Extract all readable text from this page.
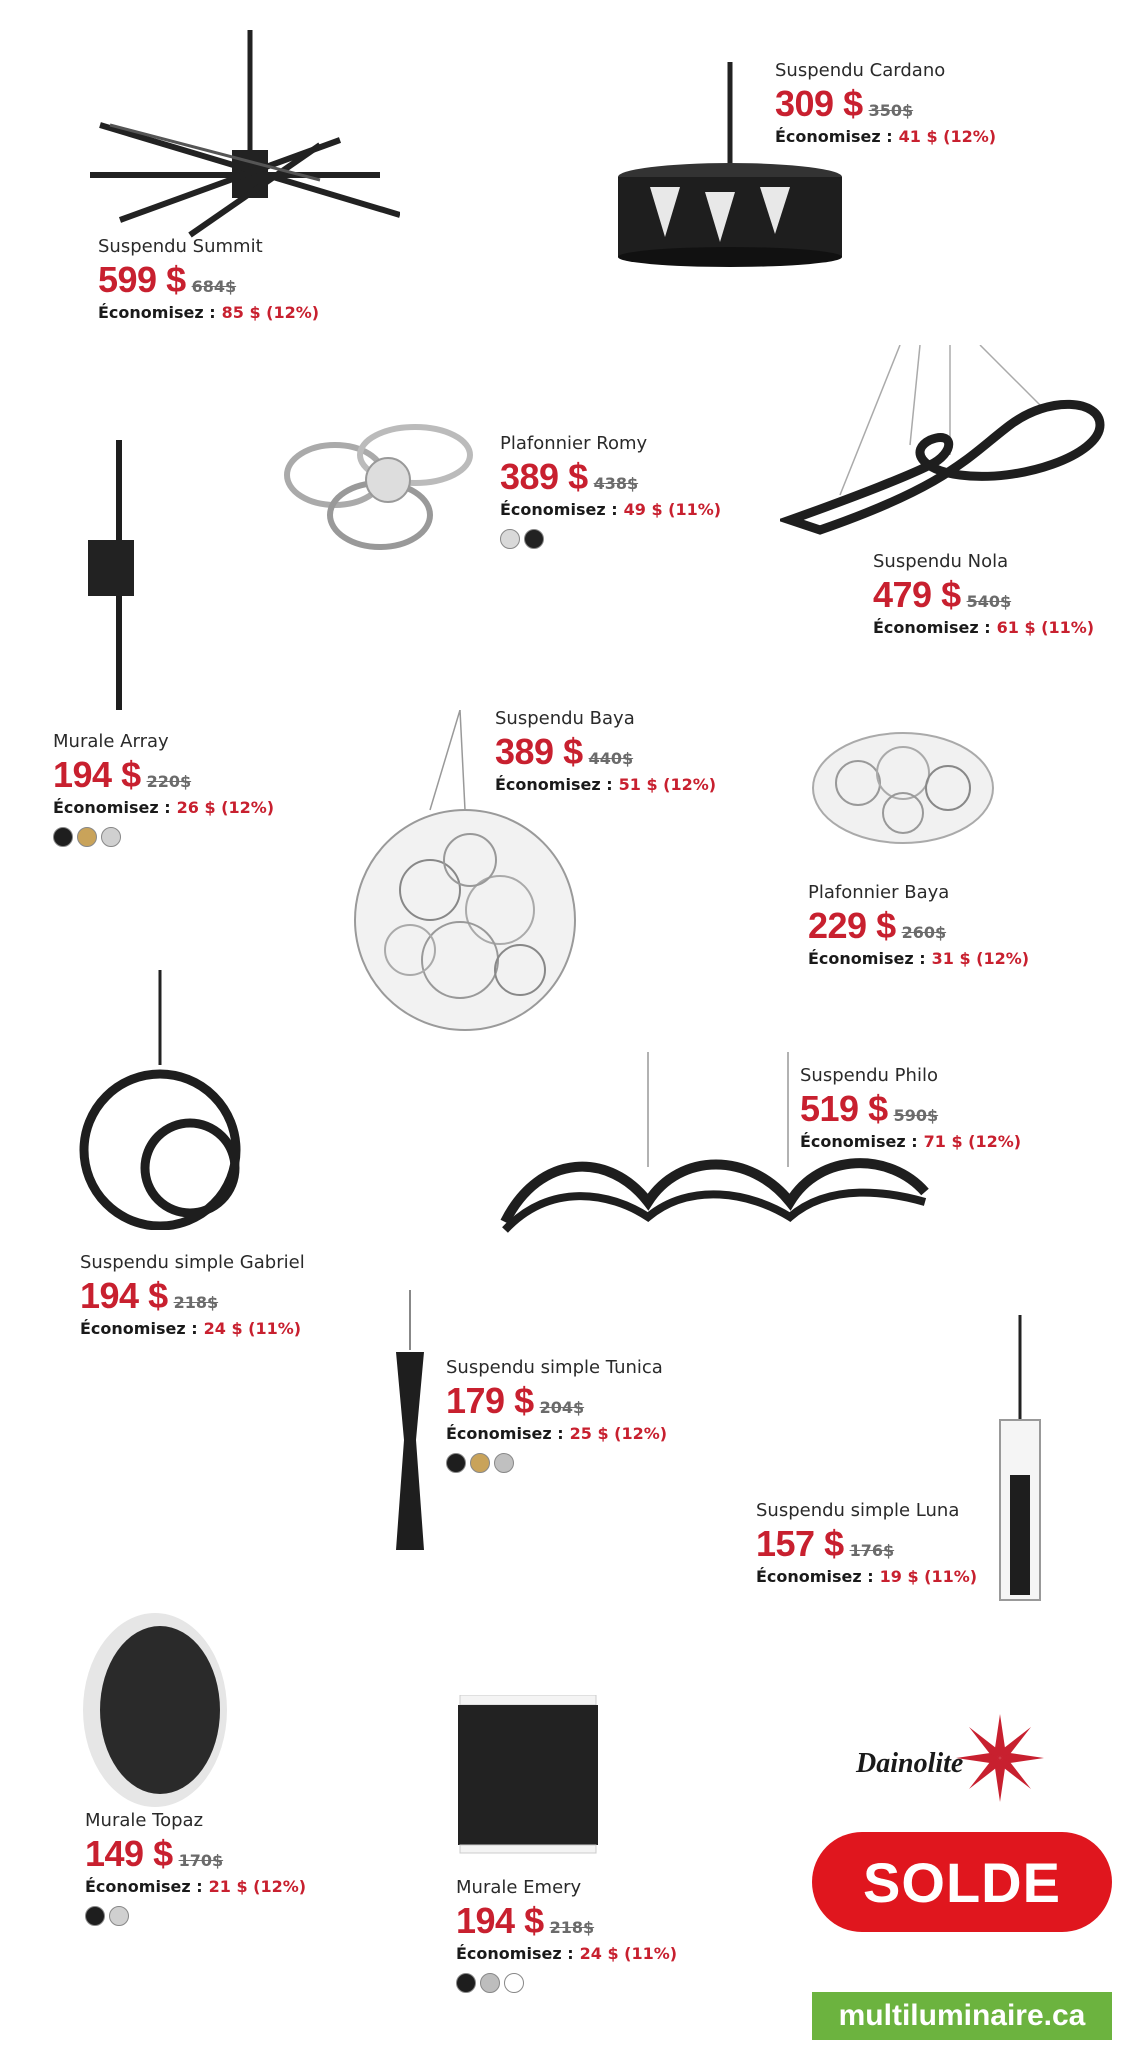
Suspendu Summit
599 $ 684$
Économisez : 85 $ (12%)
Suspendu Cardano
309 $ 350$
Économisez : 41 $ (12%)
Plafonnier Romy
389 $ 438$
Économisez : 49 $ (11%)
Suspendu Nola
479 $ 540$
Économisez : 61 $ (11%)
Murale Array
194 $ 220$
Économisez : 26 $ (12%)
Suspendu Baya
389 $ 440$
Économisez : 51 $ (12%)
Plafonnier Baya
229 $ 260$
Économisez : 31 $ (12%)
Suspendu Philo
519 $ 590$
Économisez : 71 $ (12%)
Suspendu simple Gabriel
194 $ 218$
Économisez : 24 $ (11%)
Suspendu simple Tunica
179 $ 204$
Économisez : 25 $ (12%)
Suspendu simple Luna
157 $ 176$
Économisez : 19 $ (11%)
Murale Topaz
149 $ 170$
Économisez : 21 $ (12%)	Murale Emery
194 $ 218$
Économisez : 24 $ (11%)
Dainolite
SOLDE
multiluminaire.ca
